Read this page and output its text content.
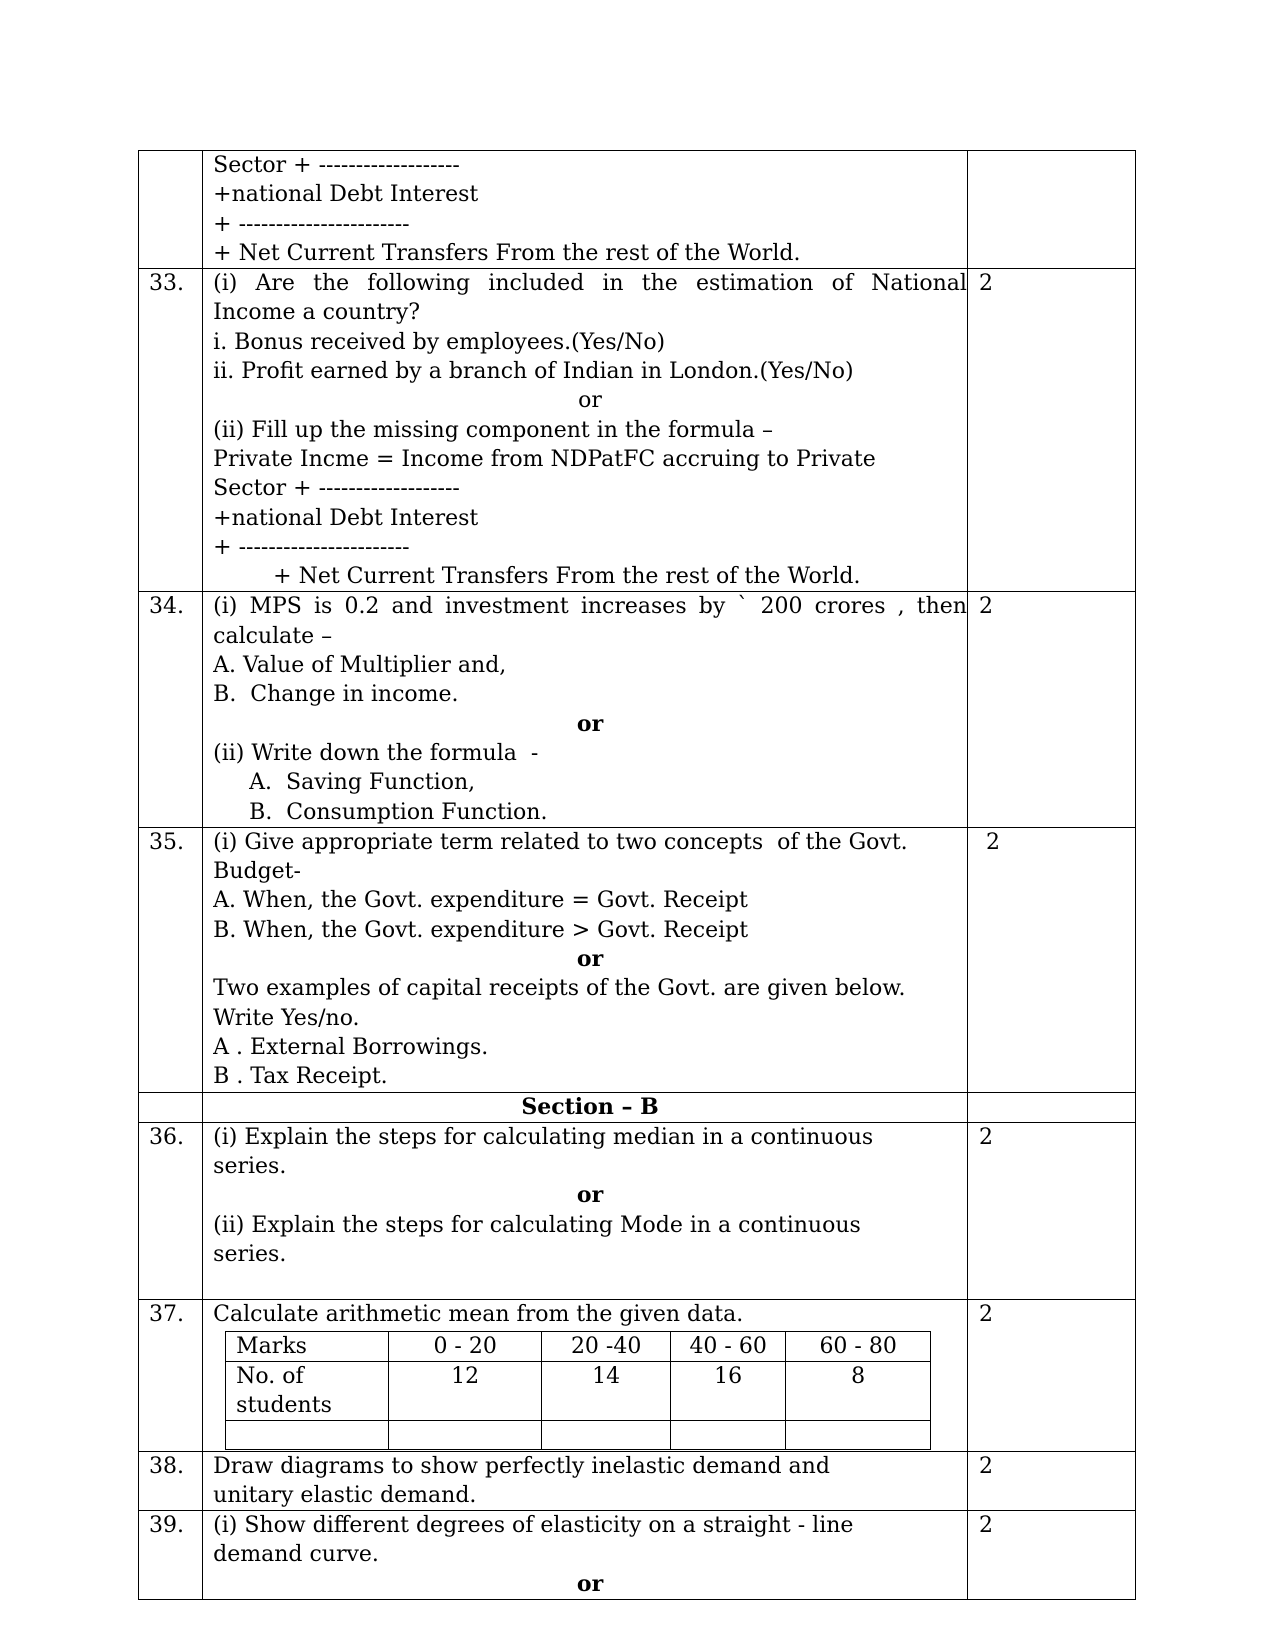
Sector + -------------------
+national Debt Interest
+ -----------------------
+ Net Current Transfers From the rest of the World.

33.	(i) Are the following included in the estimation of National
Income a country?
i. Bonus received by employees.(Yes/No)
ii. Profit earned by a branch of Indian in London.(Yes/No)
or
(ii) Fill up the missing component in the formula –
Private Incme = Income from NDPatFC accruing to Private
Sector + -------------------
+national Debt Interest
+ -----------------------
+ Net Current Transfers From the rest of the World.
	2
34.	(i) MPS is 0.2 and investment increases by ` 200 crores , then
calculate –
A. Value of Multiplier and,
B.  Change in income.
or
(ii) Write down the formula  -
A.  Saving Function,
B.  Consumption Function.
	2
35.	(i) Give appropriate term related to two concepts  of the Govt.
Budget-
A. When, the Govt. expenditure = Govt. Receipt
B. When, the Govt. expenditure > Govt. Receipt
or
Two examples of capital receipts of the Govt. are given below.
Write Yes/no.
A . External Borrowings.
B . Tax Receipt.
	2

Section – B

36.	(i) Explain the steps for calculating median in a continuous
series.
or
(ii) Explain the steps for calculating Mode in a continuous
series.
	2
37.	Calculate arithmetic mean from the given data.
Marks	0 - 20	20 -40	40 - 60	60 - 80

No. of
students
	12	14	16	8

	2
38.	Draw diagrams to show perfectly inelastic demand and
unitary elastic demand.
	2
39.	(i) Show different degrees of elasticity on a straight - line
demand curve.
or
	2
